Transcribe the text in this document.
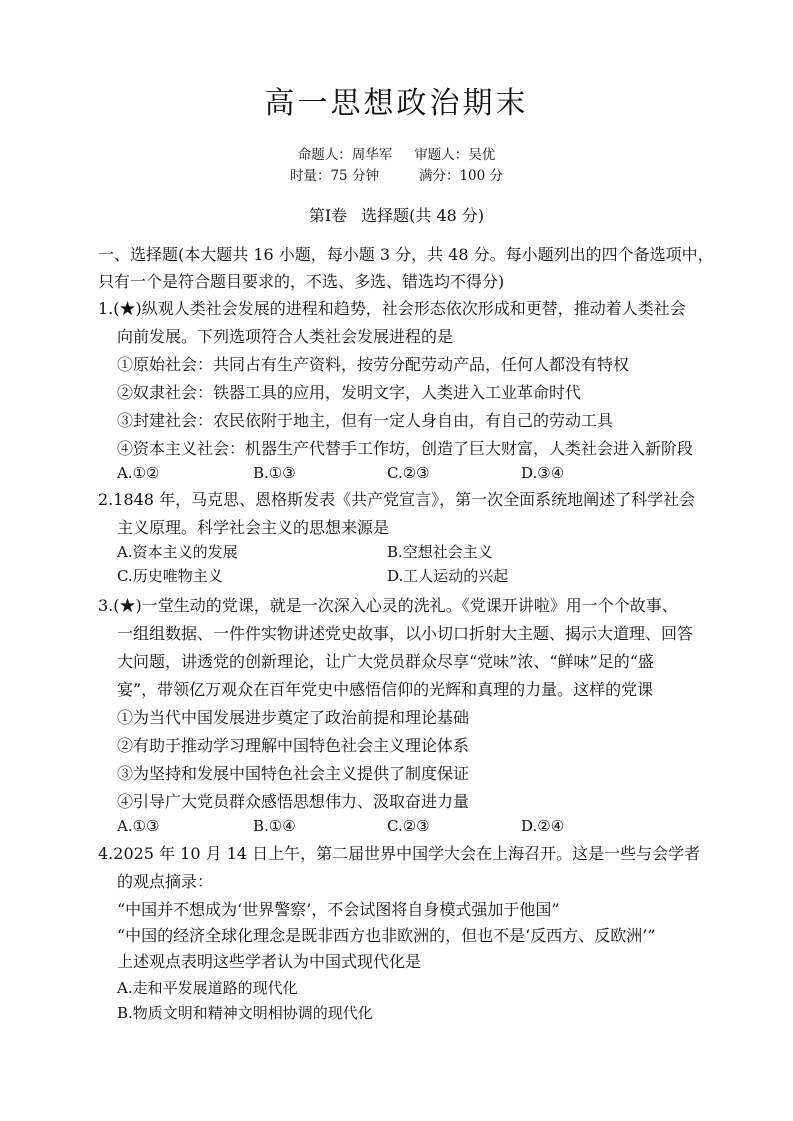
高一思想政治期末
命题人：周华军 审题人：吴优
时量：75 分钟	满分：100 分
第Ⅰ卷 选择题(共 48 分)
一、选择题(本大题共 16 小题，每小题 3 分，共 48 分。每小题列出的四个备选项中，
只有一个是符合题目要求的，不选、多选、错选均不得分)
1.(★)纵观人类社会发展的进程和趋势，社会形态依次形成和更替，推动着人类社会
向前发展。下列选项符合人类社会发展进程的是
①原始社会：共同占有生产资料，按劳分配劳动产品，任何人都没有特权
②奴隶社会：铁器工具的应用，发明文字，人类进入工业革命时代
③封建社会：农民依附于地主，但有一定人身自由，有自己的劳动工具
④资本主义社会：机器生产代替手工作坊，创造了巨大财富，人类社会进入新阶段
A.①②	B.①③	C.②③	D.③④
2.1848 年，马克思、恩格斯发表《共产党宣言》，第一次全面系统地阐述了科学社会
主义原理。科学社会主义的思想来源是
A.资本主义的发展	B.空想社会主义
C.历史唯物主义	D.工人运动的兴起
3.(★)一堂生动的党课，就是一次深入心灵的洗礼。《党课开讲啦》用一个个故事、
一组组数据、一件件实物讲述党史故事，以小切口折射大主题、揭示大道理、回答
大问题，讲透党的创新理论，让广大党员群众尽享“党味”浓、“鲜味”足的“盛
宴”，带领亿万观众在百年党史中感悟信仰的光辉和真理的力量。这样的党课
①为当代中国发展进步奠定了政治前提和理论基础
②有助于推动学习理解中国特色社会主义理论体系
③为坚持和发展中国特色社会主义提供了制度保证
④引导广大党员群众感悟思想伟力、汲取奋进力量
A.①③	B.①④	C.②③	D.②④
4.2025 年 10 月 14 日上午，第二届世界中国学大会在上海召开。这是一些与会学者
的观点摘录：
“中国并不想成为‘世界警察’，不会试图将自身模式强加于他国”
“中国的经济全球化理念是既非西方也非欧洲的，但也不是‘反西方、反欧洲’”
上述观点表明这些学者认为中国式现代化是
A.走和平发展道路的现代化
B.物质文明和精神文明相协调的现代化
